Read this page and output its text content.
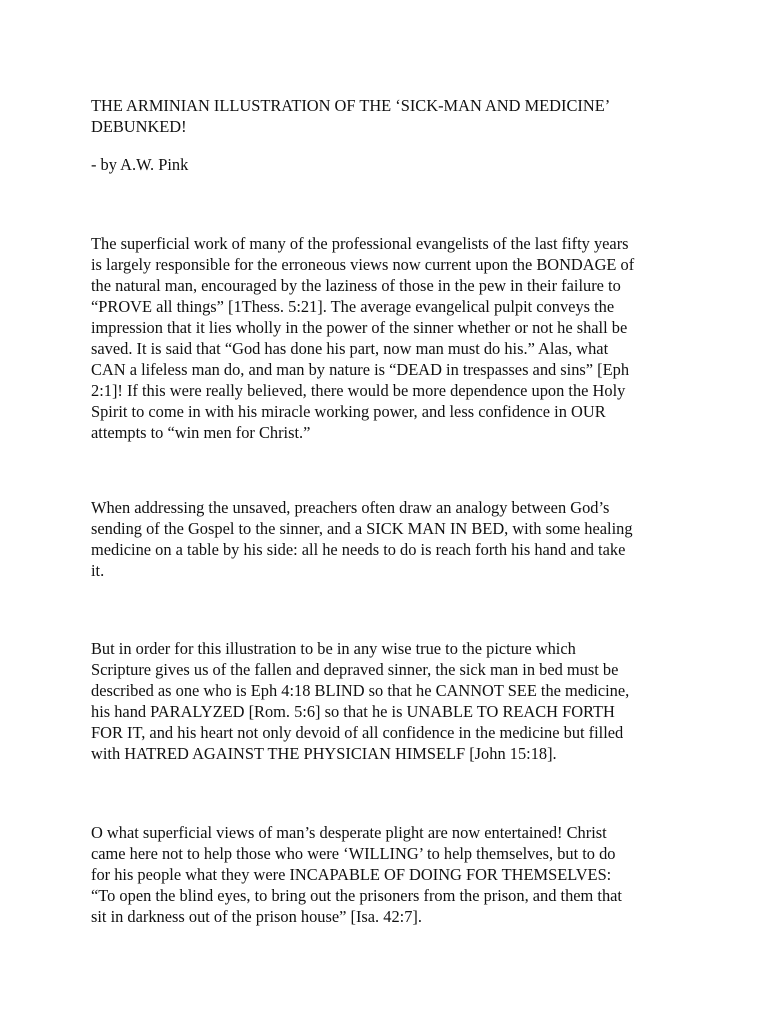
THE ARMINIAN ILLUSTRATION OF THE ‘SICK-MAN AND MEDICINE’
DEBUNKED!

- by A.W. Pink

The superficial work of many of the professional evangelists of the last fifty years
is largely responsible for the erroneous views now current upon the BONDAGE of
the natural man, encouraged by the laziness of those in the pew in their failure to
“PROVE all things” [1Thess. 5:21]. The average evangelical pulpit conveys the
impression that it lies wholly in the power of the sinner whether or not he shall be
saved. It is said that “God has done his part, now man must do his.” Alas, what
CAN a lifeless man do, and man by nature is “DEAD in trespasses and sins” [Eph
2:1]! If this were really believed, there would be more dependence upon the Holy
Spirit to come in with his miracle working power, and less confidence in OUR
attempts to “win men for Christ.”

When addressing the unsaved, preachers often draw an analogy between God’s
sending of the Gospel to the sinner, and a SICK MAN IN BED, with some healing
medicine on a table by his side: all he needs to do is reach forth his hand and take
it.

But in order for this illustration to be in any wise true to the picture which
Scripture gives us of the fallen and depraved sinner, the sick man in bed must be
described as one who is Eph 4:18 BLIND so that he CANNOT SEE the medicine,
his hand PARALYZED [Rom. 5:6] so that he is UNABLE TO REACH FORTH
FOR IT, and his heart not only devoid of all confidence in the medicine but filled
with HATRED AGAINST THE PHYSICIAN HIMSELF [John 15:18].

O what superficial views of man’s desperate plight are now entertained! Christ
came here not to help those who were ‘WILLING’ to help themselves, but to do
for his people what they were INCAPABLE OF DOING FOR THEMSELVES:
“To open the blind eyes, to bring out the prisoners from the prison, and them that
sit in darkness out of the prison house” [Isa. 42:7].
